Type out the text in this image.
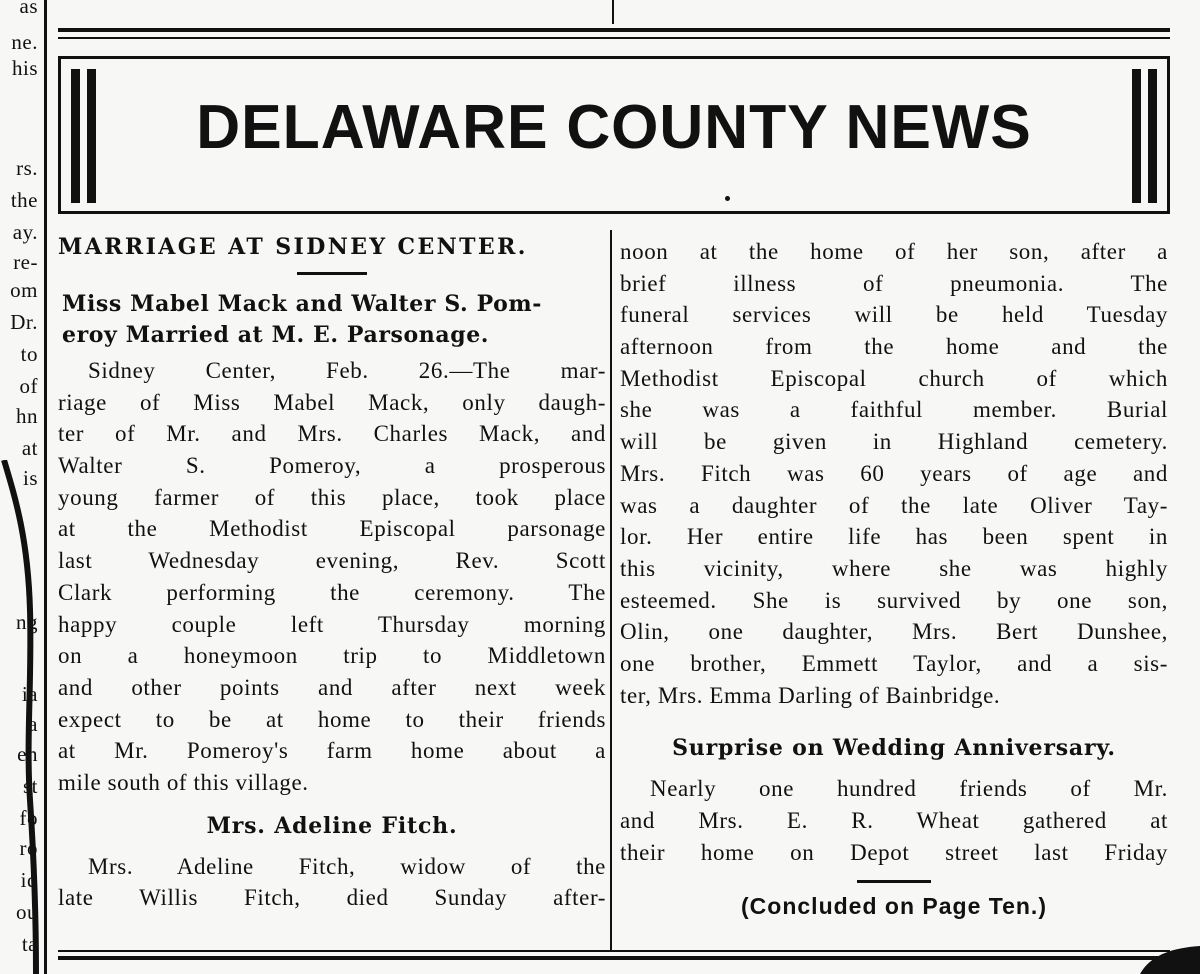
as
ne.
his
rs.
the
ay.
re-
om
Dr.
to
of
hn
at
is
ng
ia
a
en
st
fo
ro
id
ou
ta
DELAWARE COUNTY NEWS
MARRIAGE AT SIDNEY CENTER.
Miss Mabel Mack and Walter S. Pom-
eroy Married at M. E. Parsonage.
Sidney Center, Feb. 26.—The mar-
riage of Miss Mabel Mack, only daugh-
ter of Mr. and Mrs. Charles Mack, and
Walter S. Pomeroy, a prosperous
young farmer of this place, took place
at the Methodist Episcopal parsonage
last Wednesday evening, Rev. Scott
Clark performing the ceremony. The
happy couple left Thursday morning
on a honeymoon trip to Middletown
and other points and after next week
expect to be at home to their friends
at Mr. Pomeroy's farm home about a
mile south of this village.
Mrs. Adeline Fitch.
Mrs. Adeline Fitch, widow of the
late Willis Fitch, died Sunday after-
noon at the home of her son, after a
brief illness of pneumonia. The
funeral services will be held Tuesday
afternoon from the home and the
Methodist Episcopal church of which
she was a faithful member. Burial
will be given in Highland cemetery.
Mrs. Fitch was 60 years of age and
was a daughter of the late Oliver Tay-
lor. Her entire life has been spent in
this vicinity, where she was highly
esteemed. She is survived by one son,
Olin, one daughter, Mrs. Bert Dunshee,
one brother, Emmett Taylor, and a sis-
ter, Mrs. Emma Darling of Bainbridge.
Surprise on Wedding Anniversary.
Nearly one hundred friends of Mr.
and Mrs. E. R. Wheat gathered at
their home on Depot street last Friday
(Concluded on Page Ten.)
